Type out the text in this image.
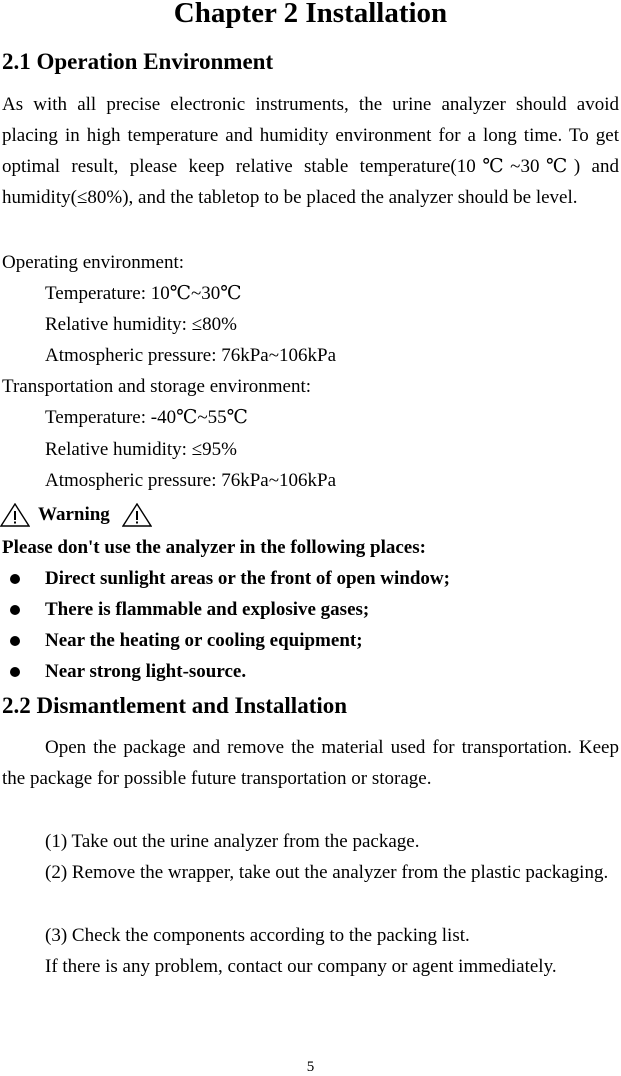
Chapter 2 Installation
2.1 Operation Environment
As with all precise electronic instruments, the urine analyzer should avoid placing in high temperature and humidity environment for a long time. To get optimal result, please keep relative stable temperature(10℃~30℃) and humidity(≤80%), and the tabletop to be placed the analyzer should be level.
Operating environment:
Temperature: 10℃~30℃
Relative humidity: ≤80%
Atmospheric pressure: 76kPa~106kPa
Transportation and storage environment:
Temperature: -40℃~55℃
Relative humidity: ≤95%
Atmospheric pressure: 76kPa~106kPa
Warning
Please don't use the analyzer in the following places:
Direct sunlight areas or the front of open window;
There is flammable and explosive gases;
Near the heating or cooling equipment;
Near strong light-source.
2.2 Dismantlement and Installation
Open the package and remove the material used for transportation. Keep the package for possible future transportation or storage.
(1) Take out the urine analyzer from the package.
(2) Remove the wrapper, take out the analyzer from the plastic packaging.
(3) Check the components according to the packing list.
If there is any problem, contact our company or agent immediately.
5
